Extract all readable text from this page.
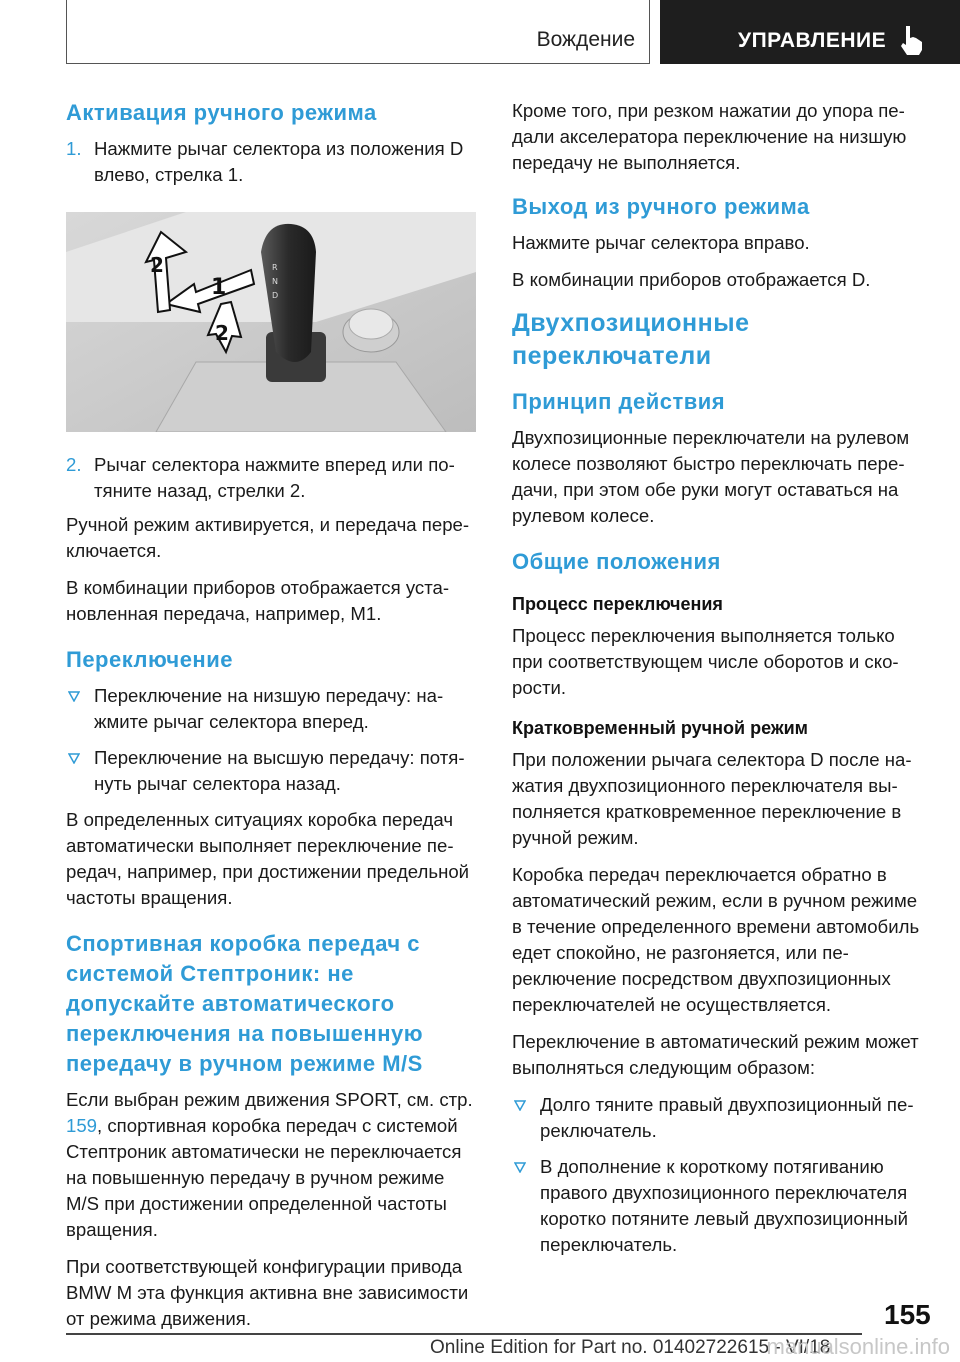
Вождение	УПРАВЛЕНИЕ
Активация ручного режима
1. Нажмите рычаг селектора из положения D влево, стрелка 1.
R
N
D
1
2
2
2. Рычаг селектора нажмите вперед или потяните назад, стрелки 2.

Ручной режим активируется, и передача переключается.

В комбинации приборов отображается установленная передача, например, M1.

Переключение
Переключение на низшую передачу: нажмите рычаг селектора вперед.
Переключение на высшую передачу: потянуть рычаг селектора назад.

В определенных ситуациях коробка передач автоматически выполняет переключение передач, например, при достижении предельной частоты вращения.

Спортивная коробка передач с системой Стептроник: не допускайте автоматического переключения на повышенную передачу в ручном режиме M/S

Если выбран режим движения SPORT, см. стр. 159, спортивная коробка передач с системой Стептроник автоматически не переключается на повышенную передачу в ручном режиме M/S при достижении определенной частоты вращения.

При соответствующей конфигурации привода BMW M эта функция активна вне зависимости от режима движения.

Кроме того, при резком нажатии до упора педали акселератора переключение на низшую передачу не выполняется.

Выход из ручного режима

Нажмите рычаг селектора вправо.

В комбинации приборов отображается D.

Двухпозиционные переключатели
Принцип действия

Двухпозиционные переключатели на рулевом колесе позволяют быстро переключать передачи, при этом обе руки могут оставаться на рулевом колесе.

Общие положения
Процесс переключения

Процесс переключения выполняется только при соответствующем числе оборотов и скорости.

Кратковременный ручной режим

При положении рычага селектора D после нажатия двухпозиционного переключателя выполняется кратковременное переключение в ручной режим.

Коробка передач переключается обратно в автоматический режим, если в ручном режиме в течение определенного времени автомобиль едет спокойно, не разгоняется, или переключение посредством двухпозиционных переключателей не осуществляется.

Переключение в автоматический режим может выполняться следующим образом:

Долго тяните правый двухпозиционный переключатель.
В дополнение к короткому потягиванию правого двухпозиционного переключателя коротко потяните левый двухпозиционный переключатель.
155
Online Edition for Part no. 01402722615 - VI/18
manualsonline.info
